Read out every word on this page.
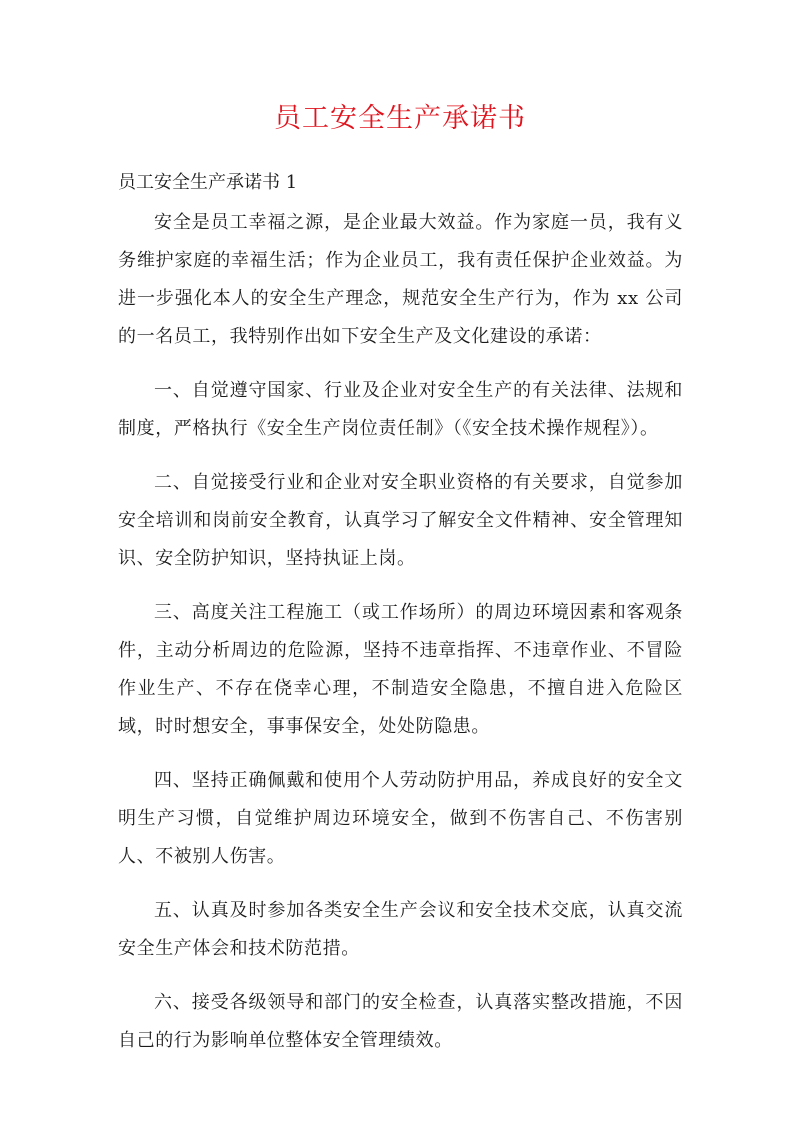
员工安全生产承诺书

员工安全生产承诺书 1

安全是员工幸福之源，是企业最大效益。作为家庭一员，我有义务维护家庭的幸福生活；作为企业员工，我有责任保护企业效益。为进一步强化本人的安全生产理念，规范安全生产行为，作为 xx 公司的一名员工，我特别作出如下安全生产及文化建设的承诺：

一、自觉遵守国家、行业及企业对安全生产的有关法律、法规和制度，严格执行《安全生产岗位责任制》（《安全技术操作规程》）。

二、自觉接受行业和企业对安全职业资格的有关要求，自觉参加安全培训和岗前安全教育，认真学习了解安全文件精神、安全管理知识、安全防护知识，坚持执证上岗。

三、高度关注工程施工（或工作场所）的周边环境因素和客观条件，主动分析周边的危险源，坚持不违章指挥、不违章作业、不冒险作业生产、不存在侥幸心理，不制造安全隐患，不擅自进入危险区域，时时想安全，事事保安全，处处防隐患。

四、坚持正确佩戴和使用个人劳动防护用品，养成良好的安全文明生产习惯，自觉维护周边环境安全，做到不伤害自己、不伤害别人、不被别人伤害。

五、认真及时参加各类安全生产会议和安全技术交底，认真交流安全生产体会和技术防范措。

六、接受各级领导和部门的安全检查，认真落实整改措施，不因自己的行为影响单位整体安全管理绩效。
